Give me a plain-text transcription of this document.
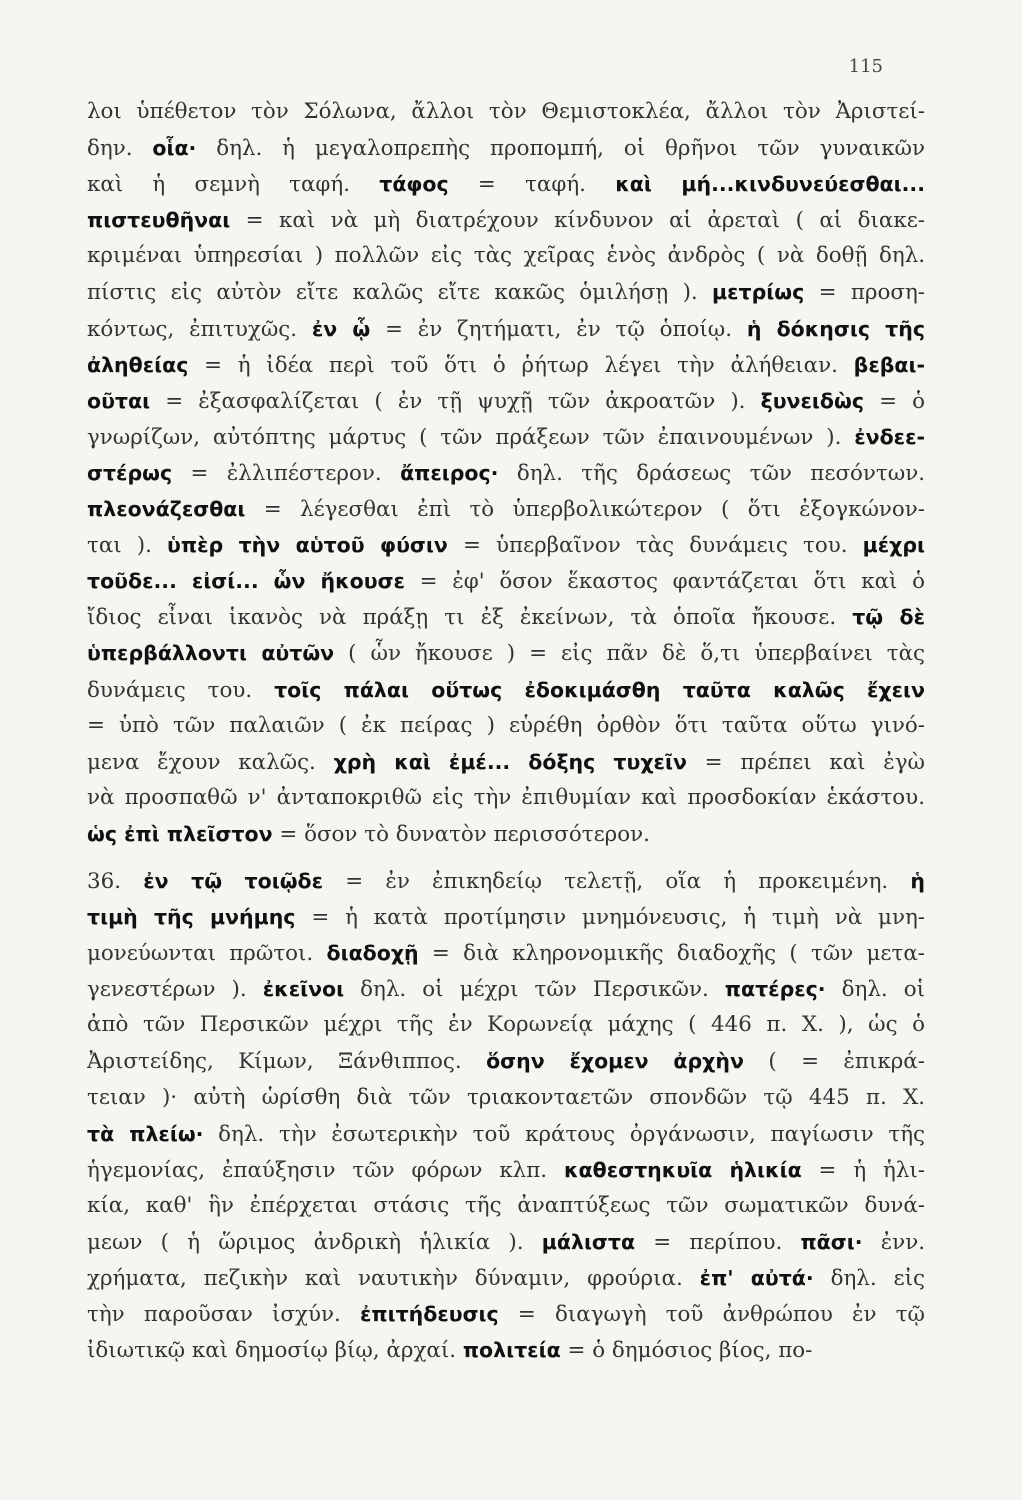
115
λοι ὑπέθετον τὸν Σόλωνα, ἄλλοι τὸν Θεμιστοκλέα, ἄλλοι τὸν Ἀριστεί-
δην. οἷα· δηλ. ἡ μεγαλοπρεπὴς προπομπή, οἱ θρῆνοι τῶν γυναικῶν
καὶ ἡ σεμνὴ ταφή. τάφος = ταφή. καὶ μή...κινδυνεύεσθαι...
πιστευθῆναι = καὶ νὰ μὴ διατρέχουν κίνδυνον αἱ ἀρεταὶ ( αἱ διακε-
κριμέναι ὑπηρεσίαι ) πολλῶν εἰς τὰς χεῖρας ἑνὸς ἀνδρὸς ( νὰ δοθῇ δηλ.
πίστις εἰς αὐτὸν εἴτε καλῶς εἴτε κακῶς ὁμιλήσῃ ). μετρίως = προση-
κόντως, ἐπιτυχῶς. ἐν ᾧ = ἐν ζητήματι, ἐν τῷ ὁποίῳ. ἡ δόκησις τῆς
ἀληθείας = ἡ ἰδέα περὶ τοῦ ὅτι ὁ ῥήτωρ λέγει τὴν ἀλήθειαν. βεβαι-
οῦται = ἐξασφαλίζεται ( ἐν τῇ ψυχῇ τῶν ἀκροατῶν ). ξυνειδὼς = ὁ
γνωρίζων, αὐτόπτης μάρτυς ( τῶν πράξεων τῶν ἐπαινουμένων ). ἐνδεε-
στέρως = ἐλλιπέστερον. ἄπειρος· δηλ. τῆς δράσεως τῶν πεσόντων.
πλεονάζεσθαι = λέγεσθαι ἐπὶ τὸ ὑπερβολικώτερον ( ὅτι ἐξογκώνον-
ται ). ὑπὲρ τὴν αὑτοῦ φύσιν = ὑπερβαῖνον τὰς δυνάμεις του. μέχρι
τοῦδε... εἰσί... ὧν ἤκουσε = ἐφ' ὅσον ἕκαστος φαντάζεται ὅτι καὶ ὁ
ἴδιος εἶναι ἱκανὸς νὰ πράξῃ τι ἐξ ἐκείνων, τὰ ὁποῖα ἤκουσε. τῷ δὲ
ὑπερβάλλοντι αὐτῶν ( ὧν ἤκουσε ) = εἰς πᾶν δὲ ὅ,τι ὑπερβαίνει τὰς
δυνάμεις του. τοῖς πάλαι οὕτως ἐδοκιμάσθη ταῦτα καλῶς ἔχειν
= ὑπὸ τῶν παλαιῶν ( ἐκ πείρας ) εὑρέθη ὀρθὸν ὅτι ταῦτα οὕτω γινό-
μενα ἔχουν καλῶς. χρὴ καὶ ἐμέ... δόξης τυχεῖν = πρέπει καὶ ἐγὼ
νὰ προσπαθῶ ν' ἀνταποκριθῶ εἰς τὴν ἐπιθυμίαν καὶ προσδοκίαν ἑκάστου.
ὡς ἐπὶ πλεῖστον = ὅσον τὸ δυνατὸν περισσότερον.
36. ἐν τῷ τοιῷδε = ἐν ἐπικηδείῳ τελετῇ, οἵα ἡ προκειμένη. ἡ
τιμὴ τῆς μνήμης = ἡ κατὰ προτίμησιν μνημόνευσις, ἡ τιμὴ νὰ μνη-
μονεύωνται πρῶτοι. διαδοχῇ = διὰ κληρονομικῆς διαδοχῆς ( τῶν μετα-
γενεστέρων ). ἐκεῖνοι δηλ. οἱ μέχρι τῶν Περσικῶν. πατέρες· δηλ. οἱ
ἀπὸ τῶν Περσικῶν μέχρι τῆς ἐν Κορωνείᾳ μάχης ( 446 π. Χ. ), ὡς ὁ
Ἀριστείδης, Κίμων, Ξάνθιππος. ὅσην ἔχομεν ἀρχὴν ( = ἐπικρά-
τειαν )· αὐτὴ ὡρίσθη διὰ τῶν τριακονταετῶν σπονδῶν τῷ 445 π. Χ.
τὰ πλείω· δηλ. τὴν ἐσωτερικὴν τοῦ κράτους ὀργάνωσιν, παγίωσιν τῆς
ἡγεμονίας, ἐπαύξησιν τῶν φόρων κλπ. καθεστηκυῖα ἡλικία = ἡ ἡλι-
κία, καθ' ἣν ἐπέρχεται στάσις τῆς ἀναπτύξεως τῶν σωματικῶν δυνά-
μεων ( ἡ ὥριμος ἀνδρικὴ ἡλικία ). μάλιστα = περίπου. πᾶσι· ἐνν.
χρήματα, πεζικὴν καὶ ναυτικὴν δύναμιν, φρούρια. ἐπ' αὐτά· δηλ. εἰς
τὴν παροῦσαν ἰσχύν. ἐπιτήδευσις = διαγωγὴ τοῦ ἀνθρώπου ἐν τῷ
ἰδιωτικῷ καὶ δημοσίῳ βίῳ, ἀρχαί. πολιτεία = ὁ δημόσιος βίος, πο-
